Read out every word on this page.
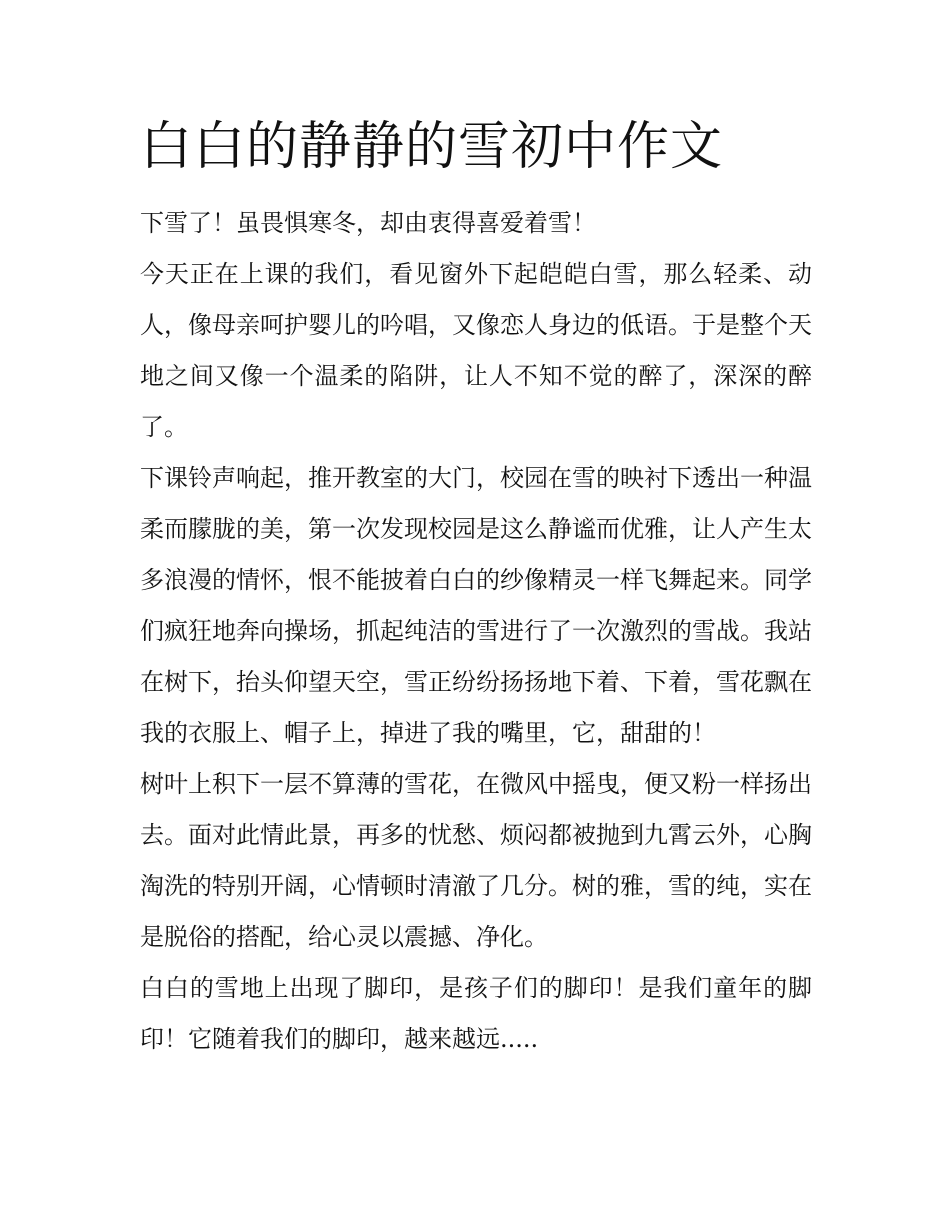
白白的静静的雪初中作文

下雪了！虽畏惧寒冬，却由衷得喜爱着雪！

今天正在上课的我们，看见窗外下起皑皑白雪，那么轻柔、动人，像母亲呵护婴儿的吟唱，又像恋人身边的低语。于是整个天地之间又像一个温柔的陷阱，让人不知不觉的醉了，深深的醉了。

下课铃声响起，推开教室的大门，校园在雪的映衬下透出一种温柔而朦胧的美，第一次发现校园是这么静谧而优雅，让人产生太多浪漫的情怀，恨不能披着白白的纱像精灵一样飞舞起来。同学们疯狂地奔向操场，抓起纯洁的雪进行了一次激烈的雪战。我站在树下，抬头仰望天空，雪正纷纷扬扬地下着、下着，雪花飘在我的衣服上、帽子上，掉进了我的嘴里，它，甜甜的！

树叶上积下一层不算薄的雪花，在微风中摇曳，便又粉一样扬出去。面对此情此景，再多的忧愁、烦闷都被抛到九霄云外，心胸淘洗的特别开阔，心情顿时清澈了几分。树的雅，雪的纯，实在是脱俗的搭配，给心灵以震撼、净化。

白白的雪地上出现了脚印，是孩子们的脚印！是我们童年的脚印！它随着我们的脚印，越来越远.....
